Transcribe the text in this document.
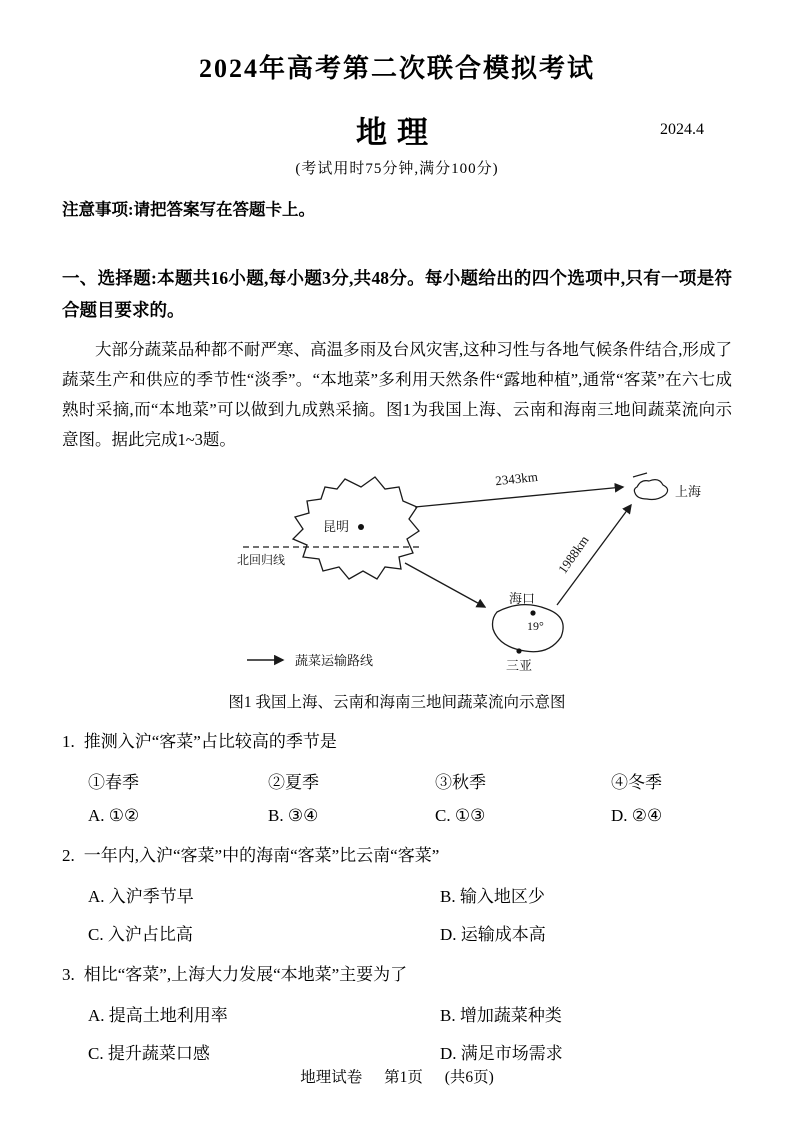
2024年高考第二次联合模拟考试
地理	2024.4
(考试用时75分钟,满分100分)
注意事项:请把答案写在答题卡上。
一、选择题:本题共16小题,每小题3分,共48分。每小题给出的四个选项中,只有一项是符合题目要求的。
大部分蔬菜品种都不耐严寒、高温多雨及台风灾害,这种习性与各地气候条件结合,形成了蔬菜生产和供应的季节性“淡季”。“本地菜”多利用天然条件“露地种植”,通常“客菜”在六七成熟时采摘,而“本地菜”可以做到九成熟采摘。图1为我国上海、云南和海南三地间蔬菜流向示意图。据此完成1~3题。
北回归线
昆明
上海
海口
19°
三亚
2343km
1988km
蔬菜运输路线
图1 我国上海、云南和海南三地间蔬菜流向示意图
1. 推测入沪“客菜”占比较高的季节是
①春季	②夏季	③秋季	④冬季
A. ①②	B. ③④	C. ①③	D. ②④
2. 一年内,入沪“客菜”中的海南“客菜”比云南“客菜”
A. 入沪季节早	B. 输入地区少
C. 入沪占比高	D. 运输成本高
3. 相比“客菜”,上海大力发展“本地菜”主要为了
A. 提高土地利用率	B. 增加蔬菜种类
C. 提升蔬菜口感	D. 满足市场需求
地理试卷 第1页 (共6页)
